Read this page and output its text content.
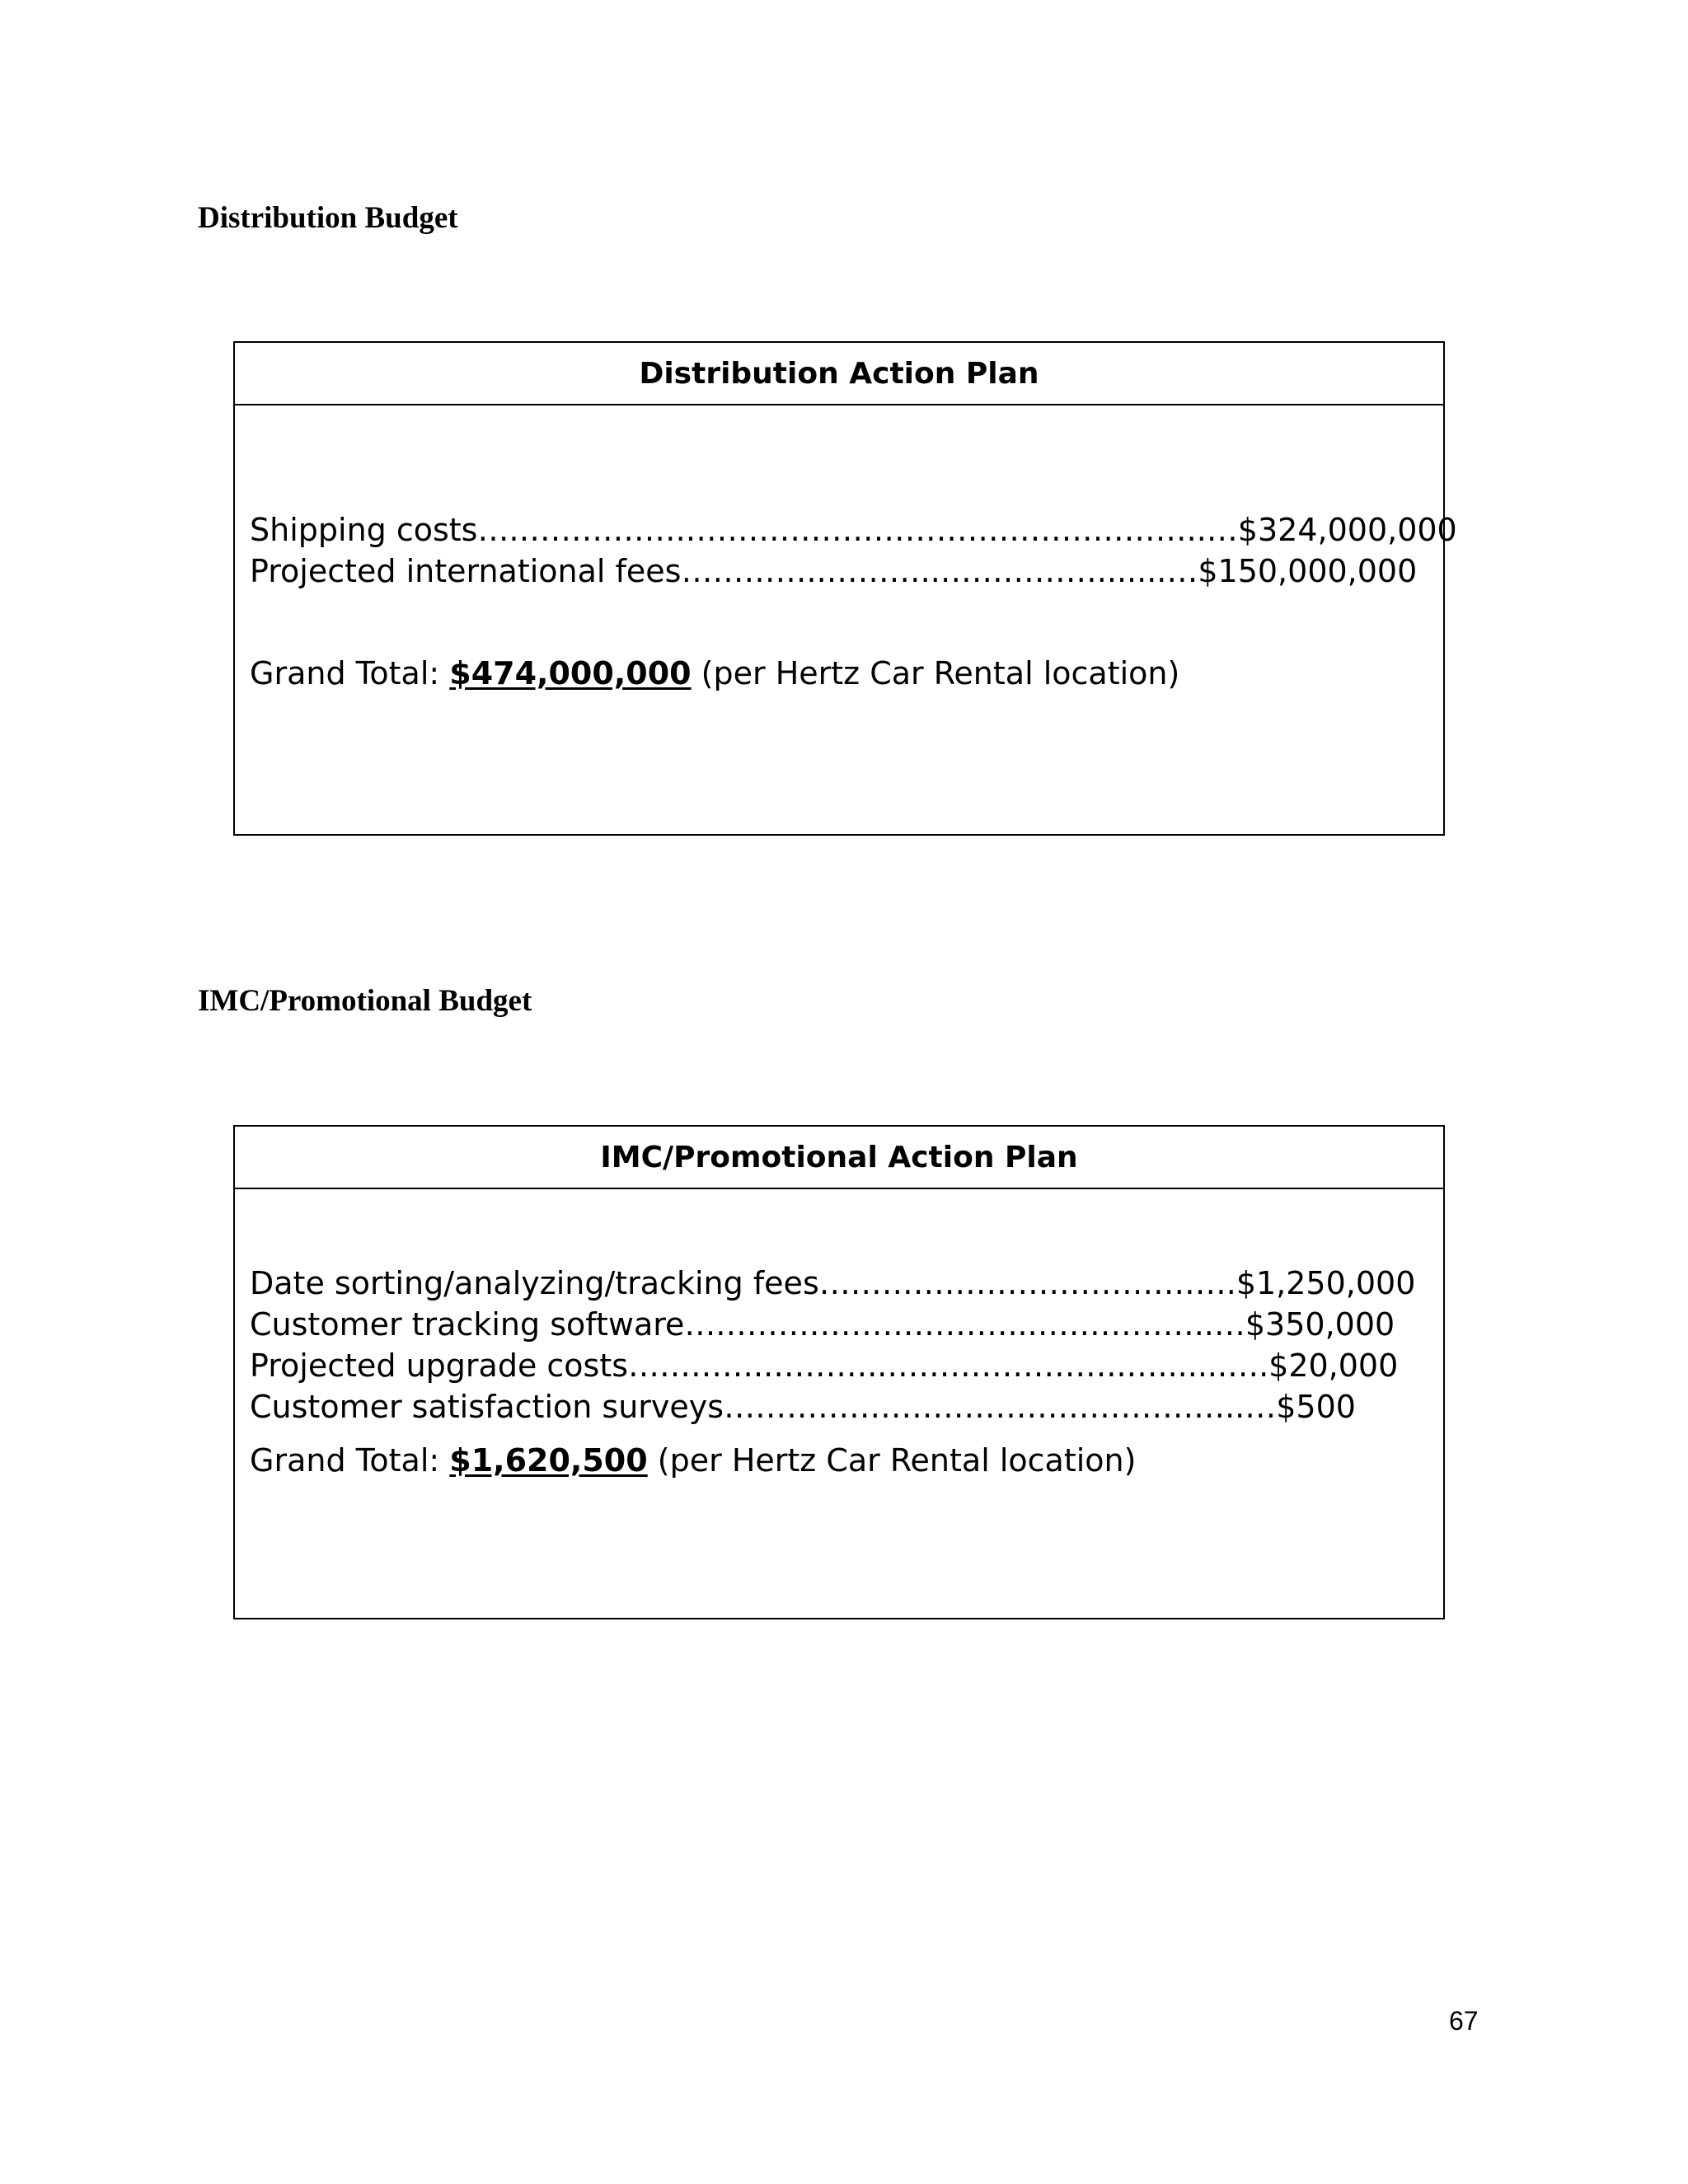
Distribution Budget
Distribution Action Plan
Shipping costs….…………….…………………………………………..…$324,000,000
Projected international fees…………..………..…………….......…$150,000,000
Grand Total: $474,000,000 (per Hertz Car Rental location)
IMC/Promotional Budget
IMC/Promotional Action Plan
Date sorting/analyzing/tracking fees………………………………….$1,250,000
Customer tracking software….………………………...……………..…$350,000
Projected upgrade costs…………..………..…………………..….......….$20,000
Customer satisfaction surveys…………………………………………..…$500
Grand Total: $1,620,500 (per Hertz Car Rental location)
67
